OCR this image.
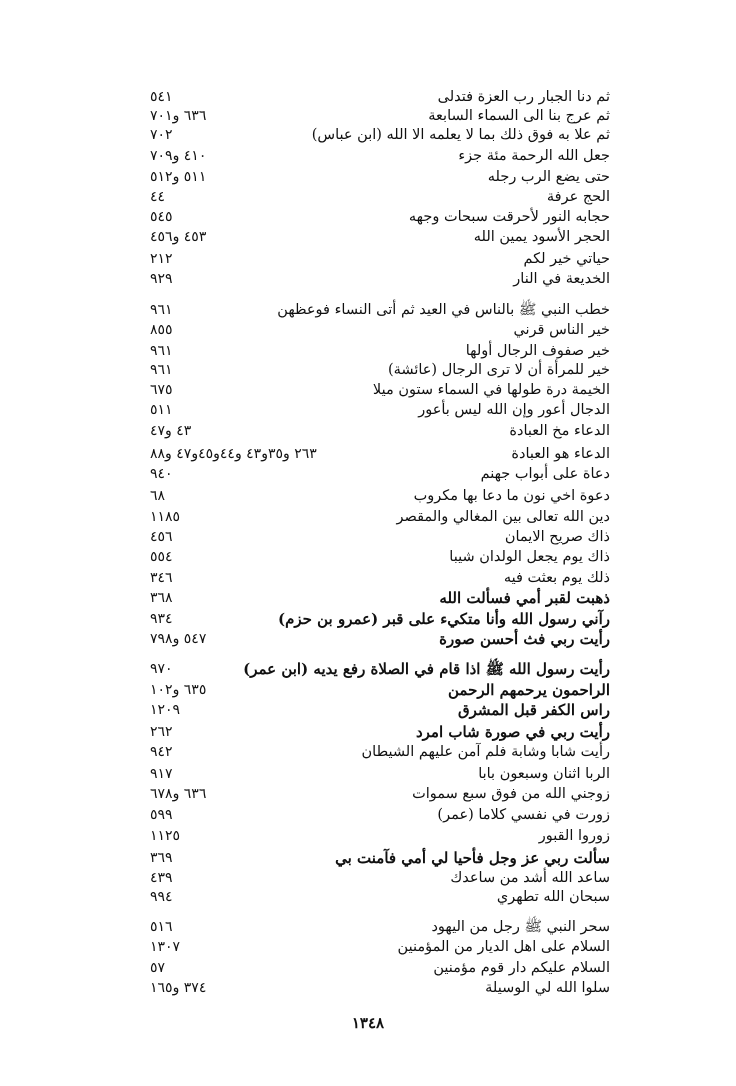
ثم دنا الجبار رب العزة فتدلى
٥٤١
ثم عرج بنا الى السماء السابعة
٦٣٦ و٧٠١
ثم علا به فوق ذلك بما لا يعلمه الا الله (ابن عباس)
٧٠٢
جعل الله الرحمة مئة جزء
٤١٠ و٧٠٩
حتى يضع الرب رجله
٥١١ و٥١٢
الحج عرفة
٤٤
حجابه النور لأحرقت سبحات وجهه
٥٤٥
الحجر الأسود يمين الله
٤٥٣ و٤٥٦
حياتي خير لكم
٢١٢
الخديعة في النار
٩٢٩
خطب النبي ﷺ بالناس في العيد ثم أتى النساء فوعظهن
٩٦١
خير الناس قرني
٨٥٥
خير صفوف الرجال أولها
٩٦١
خير للمرأة أن لا ترى الرجال (عائشة)
٩٦١
الخيمة درة طولها في السماء ستون ميلا
٦٧٥
الدجال أعور وإن الله ليس بأعور
٥١١
الدعاء مخ العبادة
٤٣ و٤٧
الدعاء هو العبادة
٢٦٣ و٣٥و٤٣ و٤٤و٤٥و٤٧ و٨٨
دعاة على أبواب جهنم
٩٤٠
دعوة اخي نون ما دعا بها مكروب
٦٨
دين الله تعالى بين المغالي والمقصر
١١٨٥
ذاك صريح الايمان
٤٥٦
ذاك يوم يجعل الولدان شيبا
٥٥٤
ذلك يوم بعثت فيه
٣٤٦
ذهبت لقبر أمي فسألت الله
٣٦٨
رآني رسول الله وأنا متكيء على قبر (عمرو بن حزم)
٩٣٤
رأيت ربي فث أحسن صورة
٥٤٧ و٧٩٨
رأيت رسول الله ﷺ اذا قام في الصلاة رفع يديه (ابن عمر)
٩٧٠
الراحمون يرحمهم الرحمن
٦٣٥ و١٠٢
راس الكفر قبل المشرق
١٢٠٩
رأيت ربي في صورة شاب امرد
٢٦٢
رأيت شابا وشابة فلم آمن عليهم الشيطان
٩٤٢
الربا اثنان وسبعون بابا
٩١٧
زوجني الله من فوق سبع سموات
٦٣٦ و٦٧٨
زورت في نفسي كلاما (عمر)
٥٩٩
زوروا القبور
١١٢٥
سألت ربي عز وجل فأحيا لي أمي فآمنت بي
٣٦٩
ساعد الله أشد من ساعدك
٤٣٩
سبحان الله تطهري
٩٩٤
سحر النبي ﷺ رجل من اليهود
٥١٦
السلام على اهل الديار من المؤمنين
١٣٠٧
السلام عليكم دار قوم مؤمنين
٥٧
سلوا الله لي الوسيلة
٣٧٤ و١٦٥
١٣٤٨
